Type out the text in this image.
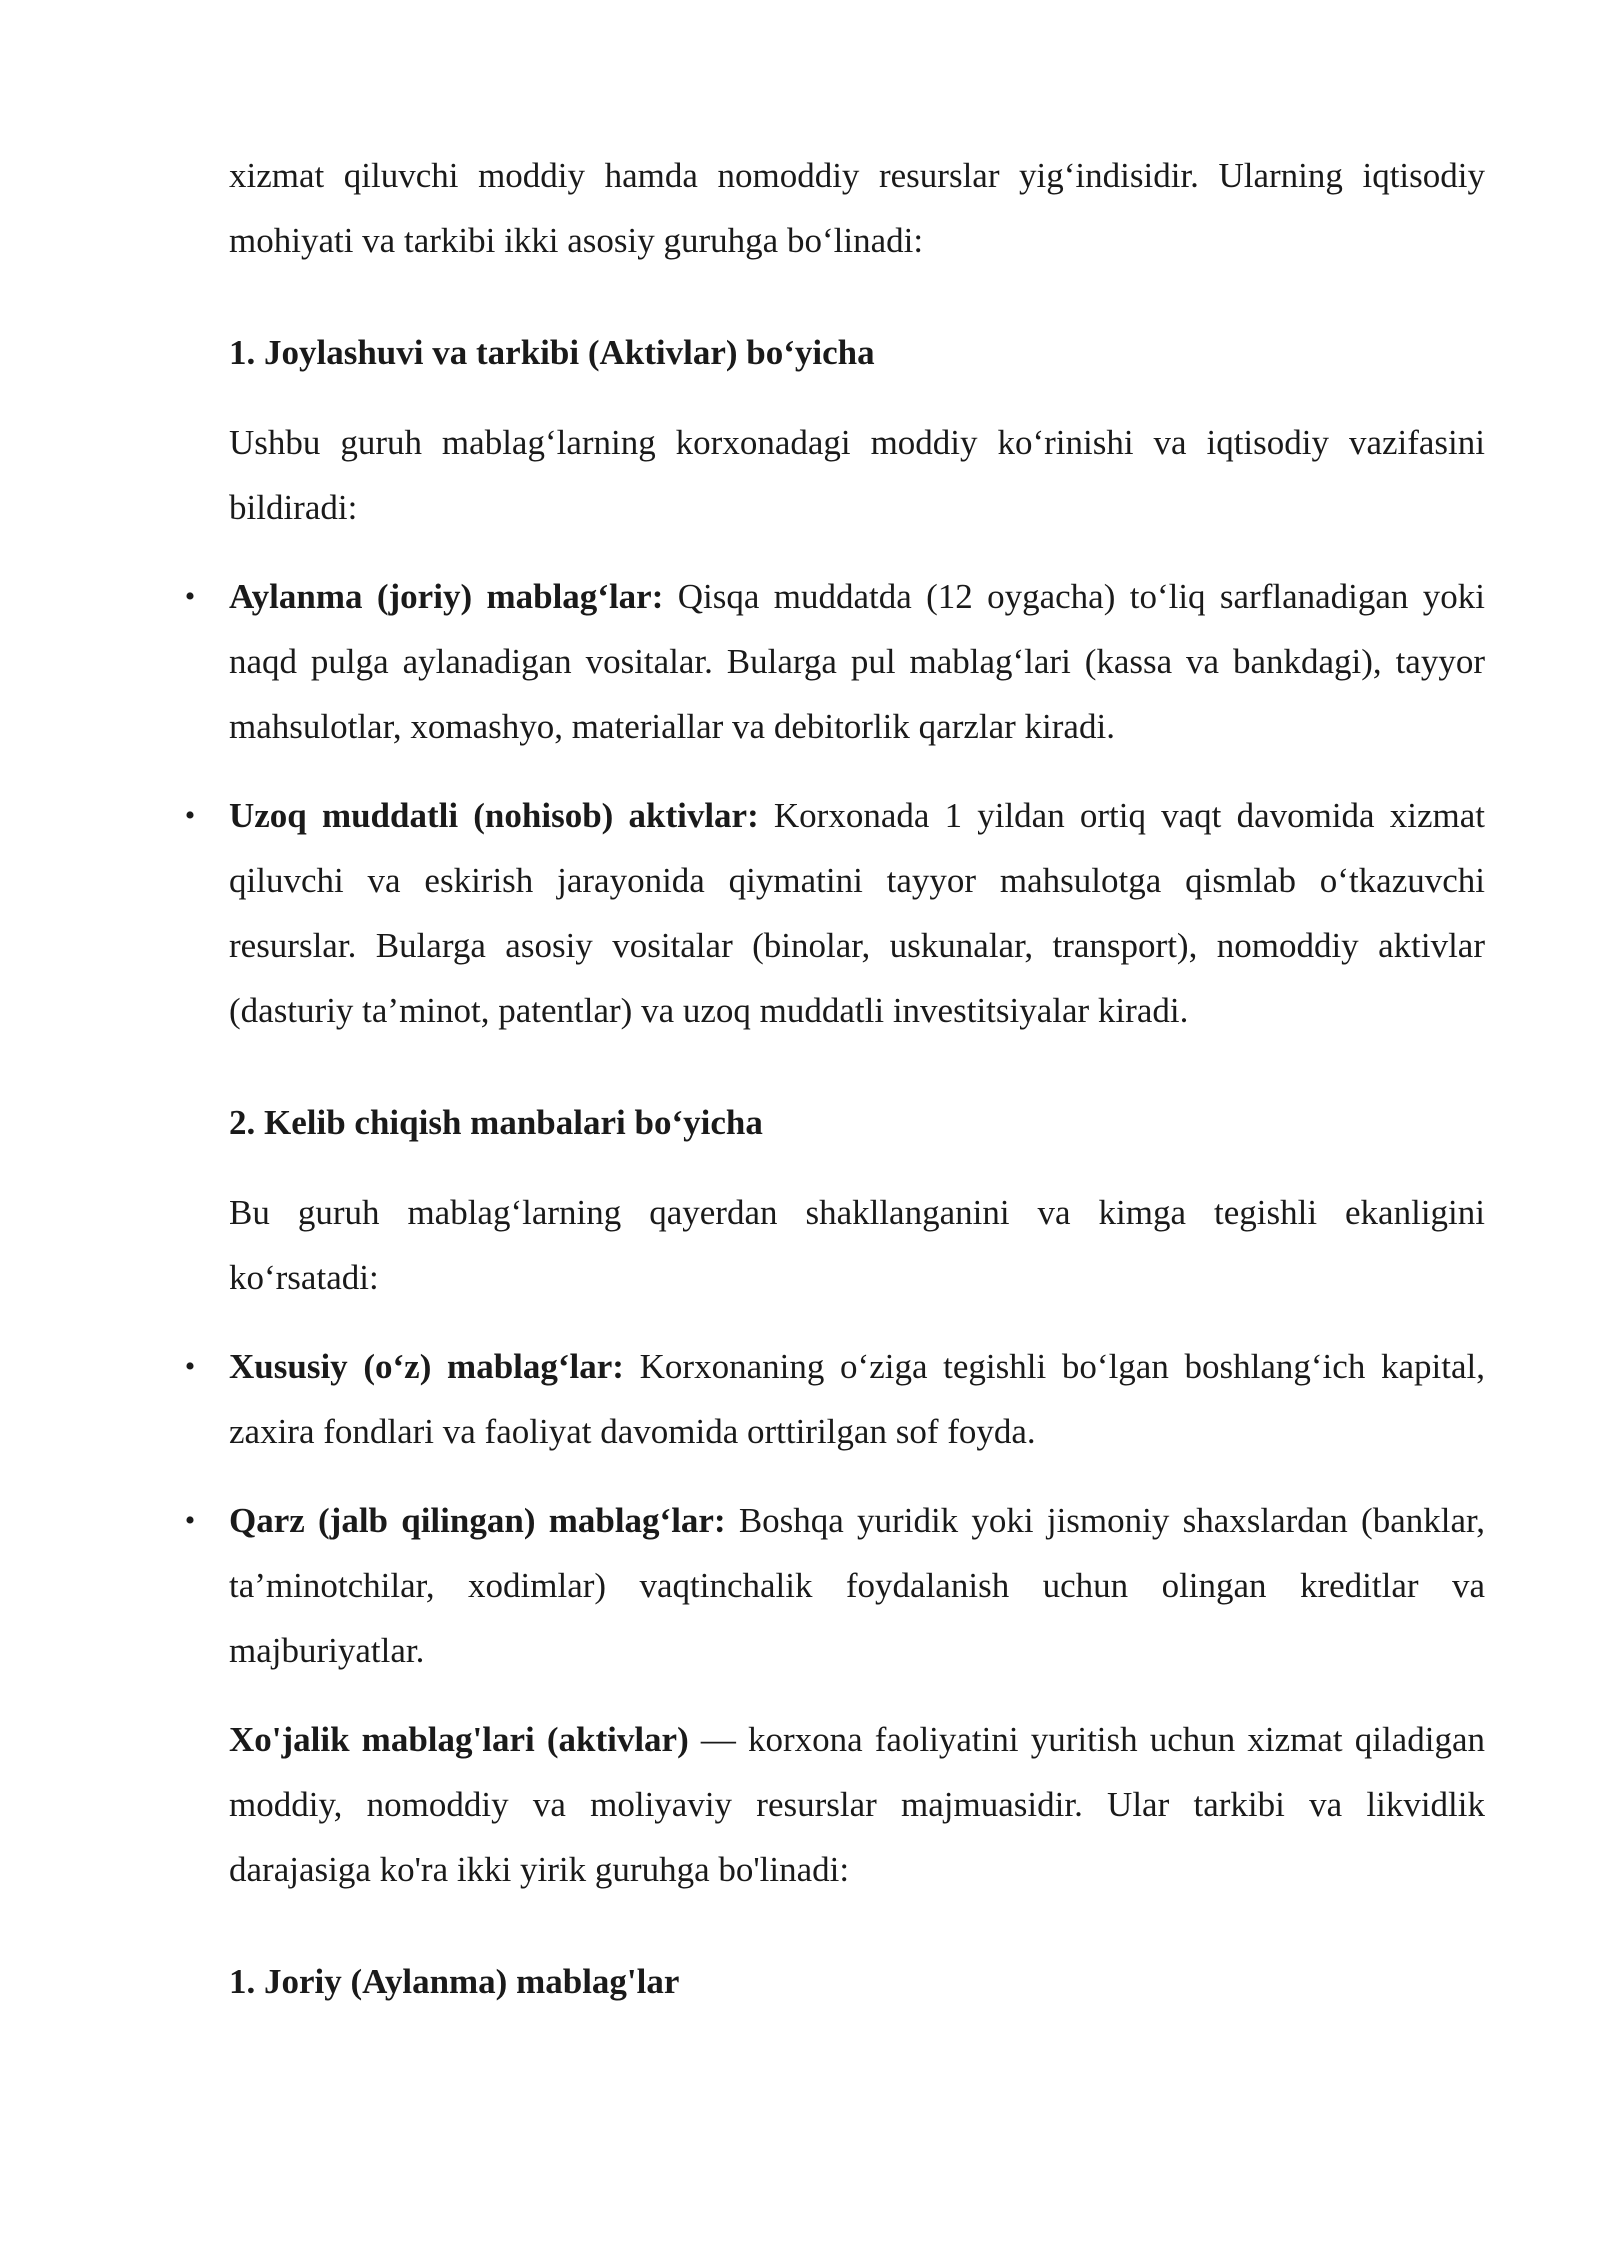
xizmat qiluvchi moddiy hamda nomoddiy resurslar yig‘indisidir. Ularning iqtisodiy mohiyati va tarkibi ikki asosiy guruhga bo‘linadi:

1. Joylashuvi va tarkibi (Aktivlar) bo‘yicha

Ushbu guruh mablag‘larning korxonadagi moddiy ko‘rinishi va iqtisodiy vazifasini bildiradi:

• Aylanma (joriy) mablag‘lar: Qisqa muddatda (12 oygacha) to‘liq sarflanadigan yoki naqd pulga aylanadigan vositalar. Bularga pul mablag‘lari (kassa va bankdagi), tayyor mahsulotlar, xomashyo, materiallar va debitorlik qarzlar kiradi.
• Uzoq muddatli (nohisob) aktivlar: Korxonada 1 yildan ortiq vaqt davomida xizmat qiluvchi va eskirish jarayonida qiymatini tayyor mahsulotga qismlab o‘tkazuvchi resurslar. Bularga asosiy vositalar (binolar, uskunalar, transport), nomoddiy aktivlar (dasturiy ta’minot, patentlar) va uzoq muddatli investitsiyalar kiradi.

2. Kelib chiqish manbalari bo‘yicha

Bu guruh mablag‘larning qayerdan shakllanganini va kimga tegishli ekanligini ko‘rsatadi:

• Xususiy (o‘z) mablag‘lar: Korxonaning o‘ziga tegishli bo‘lgan boshlang‘ich kapital, zaxira fondlari va faoliyat davomida orttirilgan sof foyda.
• Qarz (jalb qilingan) mablag‘lar: Boshqa yuridik yoki jismoniy shaxslardan (banklar, ta’minotchilar, xodimlar) vaqtinchalik foydalanish uchun olingan kreditlar va majburiyatlar.

Xo'jalik mablag'lari (aktivlar) — korxona faoliyatini yuritish uchun xizmat qiladigan moddiy, nomoddiy va moliyaviy resurslar majmuasidir. Ular tarkibi va likvidlik darajasiga ko'ra ikki yirik guruhga bo'linadi:

1. Joriy (Aylanma) mablag'lar
